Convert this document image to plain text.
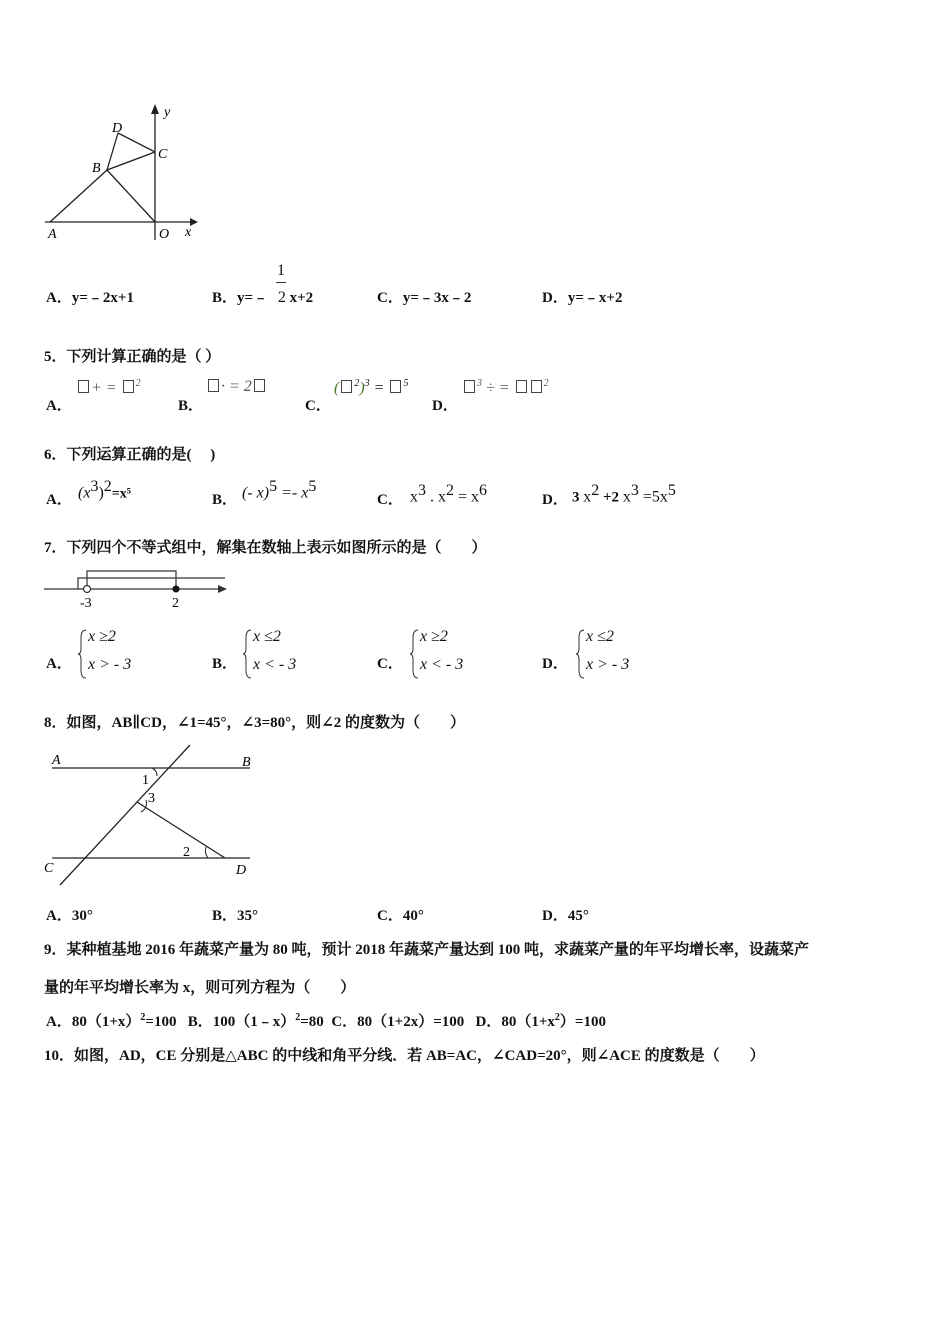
D
B
C
A	O x
y
A．y=﹣2x+1	B．y=﹣
1
2 x+2	C．y=﹣3x﹣2	D．y=﹣x+2
5．下列计算正确的是（ ）
A．
+ = $^2$
B．
· = 2
C．
( $^2$)$^3$ = $^5$
D．
$^3$ ÷ =	$^2$
6．下列运算正确的是(　 )
A． $(x^3)^2=x^5$	B． (- $x)^5 =- x^5$
C． $x^3$ . $x^2 = x^6$
D． 3 $x^2 +2$ $x^3 =5x^5$
7．下列四个不等式组中，解集在数轴上表示如图所示的是（　　）
-3	2
A．
x ≥2
x > - 3	B．
x ≤2
x < - 3	C．
x ≥2
x < - 3	D．
x ≤2
x > - 3
8．如图，AB∥CD，∠1=45°，∠3=80°，则∠2 的度数为（　　）
A	B
C	D
1
3
2
A．30°	B．35°	C．40°	D．45°
9．某种植基地 2016 年蔬菜产量为 80 吨，预计 2018 年蔬菜产量达到 100 吨，求蔬菜产量的年平均增长率，设蔬菜产
量的年平均增长率为 x，则可列方程为（　　）
A．$80(1+x)^2=100$ B．100（1﹣x）$^2$=80 C．80（1+2x）=100 D．$80(1+x^2)=100$
10．如图，AD，CE 分别是△ABC 的中线和角平分线．若 AB=AC，∠CAD=20°，则∠ACE 的度数是（　　）
